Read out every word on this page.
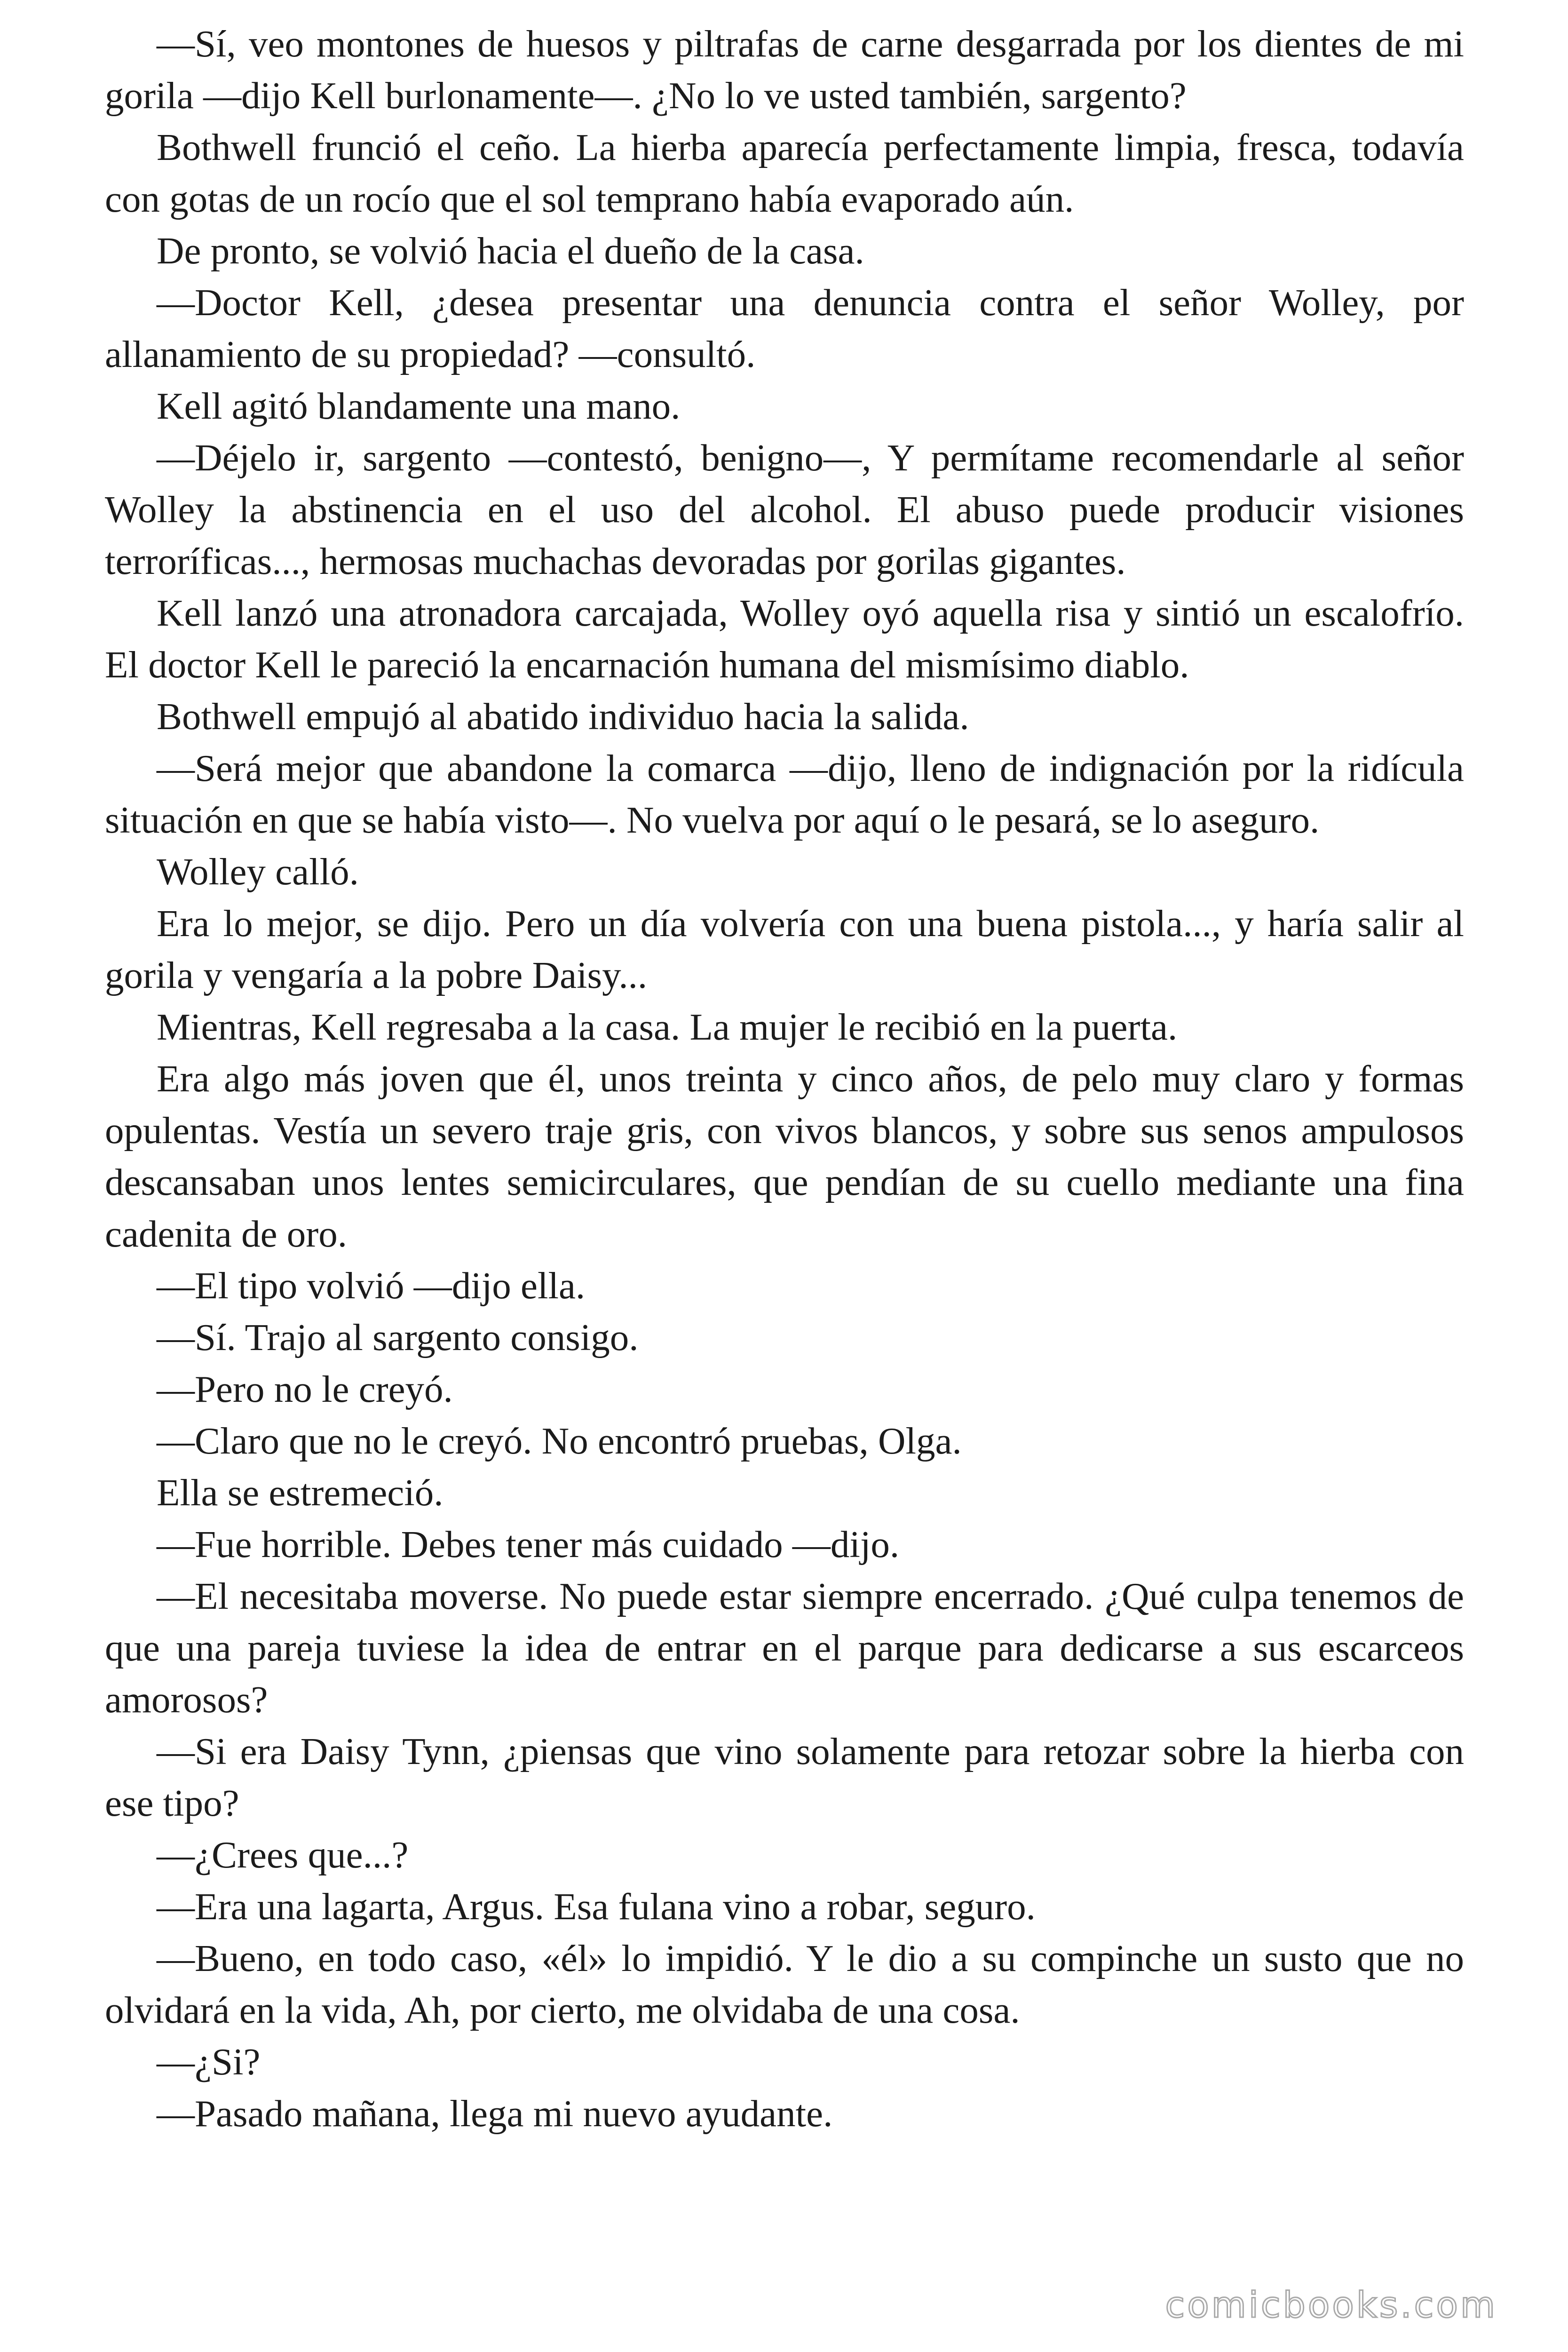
—Sí, veo montones de huesos y piltrafas de carne desgarrada por los dientes de mi gorila —dijo Kell burlonamente—. ¿No lo ve usted también, sargento?

Bothwell frunció el ceño. La hierba aparecía perfectamente limpia, fresca, todavía con gotas de un rocío que el sol temprano había evaporado aún.

De pronto, se volvió hacia el dueño de la casa.

—Doctor Kell, ¿desea presentar una denuncia contra el señor Wolley, por allanamiento de su propiedad? —consultó.

Kell agitó blandamente una mano.

—Déjelo ir, sargento —contestó, benigno—, Y permítame recomendarle al señor Wolley la abstinencia en el uso del alcohol. El abuso puede producir visiones terroríficas..., hermosas muchachas devoradas por gorilas gigantes.

Kell lanzó una atronadora carcajada, Wolley oyó aquella risa y sintió un escalofrío. El doctor Kell le pareció la encarnación humana del mismísimo diablo.

Bothwell empujó al abatido individuo hacia la salida.

—Será mejor que abandone la comarca —dijo, lleno de indignación por la ridícula situación en que se había visto—. No vuelva por aquí o le pesará, se lo aseguro.

Wolley calló.

Era lo mejor, se dijo. Pero un día volvería con una buena pistola..., y haría salir al gorila y vengaría a la pobre Daisy...

Mientras, Kell regresaba a la casa. La mujer le recibió en la puerta.

Era algo más joven que él, unos treinta y cinco años, de pelo muy claro y formas opulentas. Vestía un severo traje gris, con vivos blancos, y sobre sus senos ampulosos descansaban unos lentes semicirculares, que pendían de su cuello mediante una fina cadenita de oro.

—El tipo volvió —dijo ella.

—Sí. Trajo al sargento consigo.

—Pero no le creyó.

—Claro que no le creyó. No encontró pruebas, Olga.

Ella se estremeció.

—Fue horrible. Debes tener más cuidado —dijo.

—El necesitaba moverse. No puede estar siempre encerrado. ¿Qué culpa tenemos de que una pareja tuviese la idea de entrar en el parque para dedicarse a sus escarceos amorosos?

—Si era Daisy Tynn, ¿piensas que vino solamente para retozar sobre la hierba con ese tipo?

—¿Crees que...?

—Era una lagarta, Argus. Esa fulana vino a robar, seguro.

—Bueno, en todo caso, «él» lo impidió. Y le dio a su compinche un susto que no olvidará en la vida, Ah, por cierto, me olvidaba de una cosa.

—¿Si?

—Pasado mañana, llega mi nuevo ayudante.

comicbooks.com
